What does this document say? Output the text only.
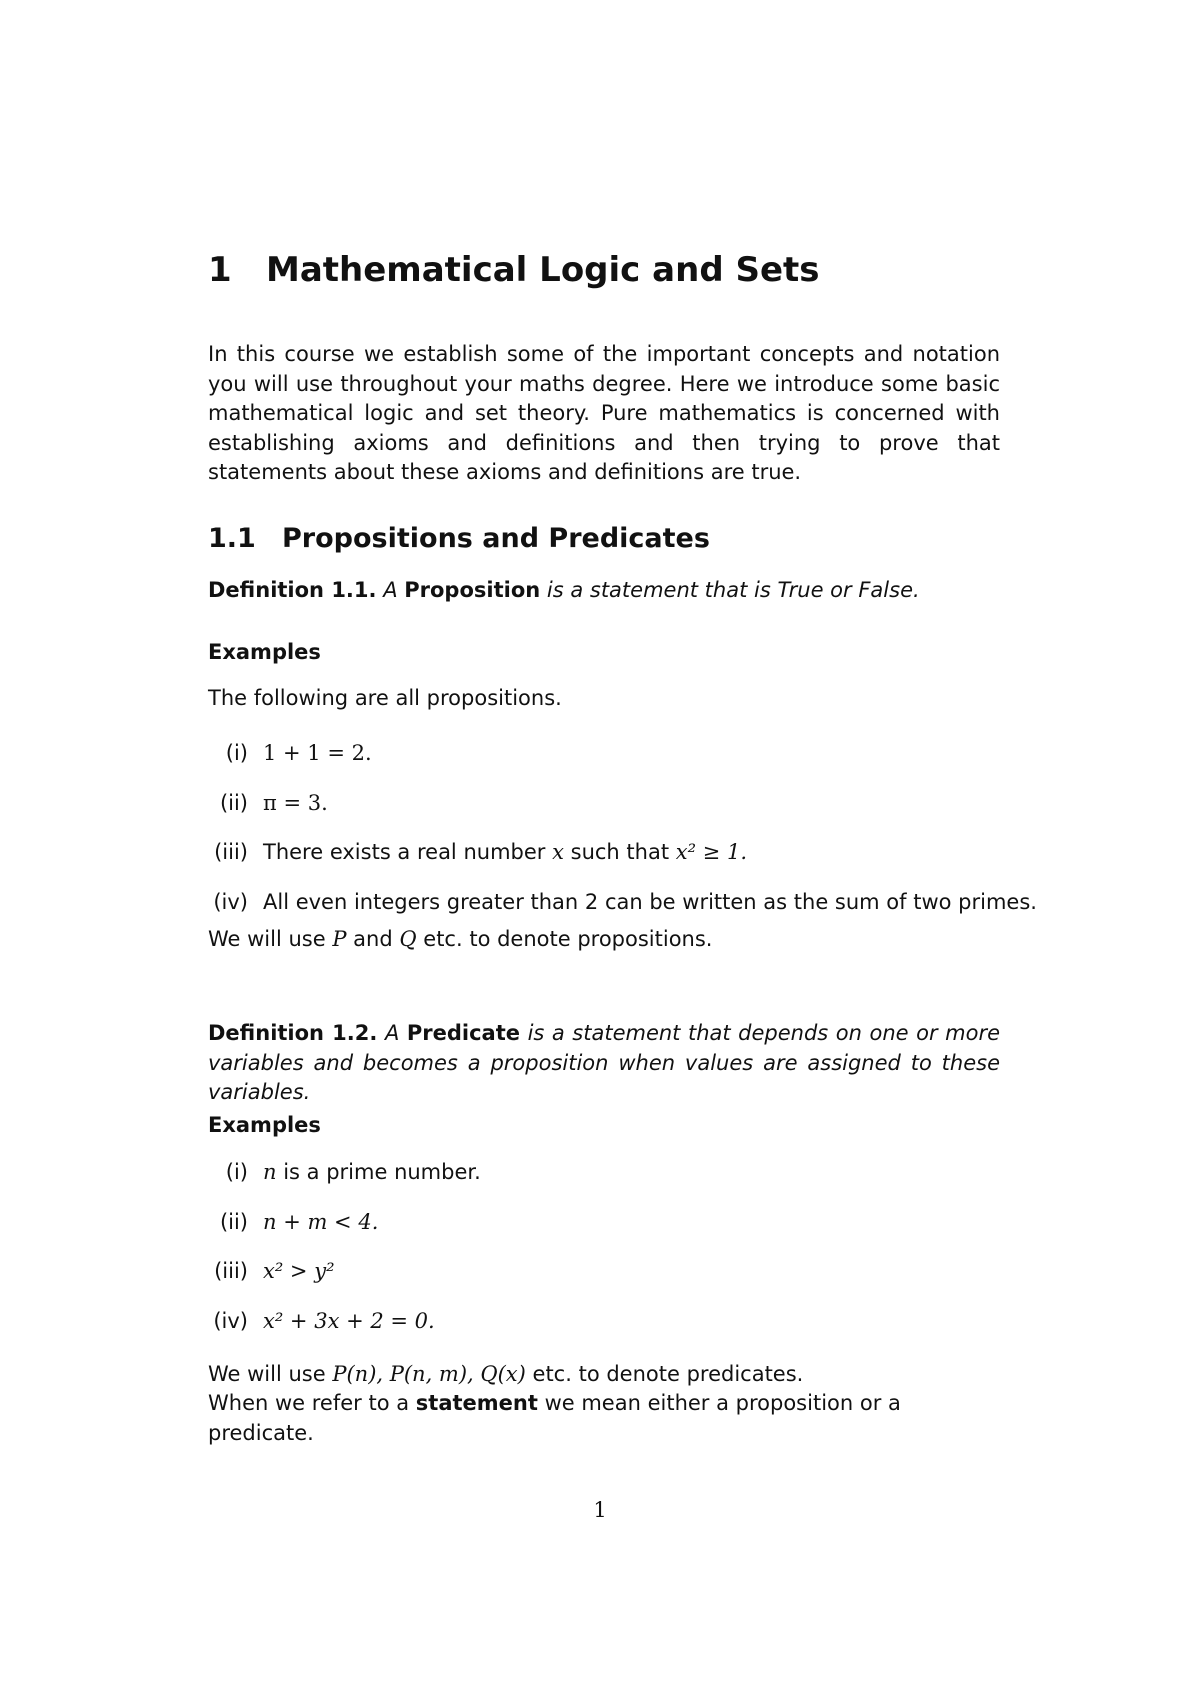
1 Mathematical Logic and Sets

In this course we establish some of the important concepts and notation you will use throughout your maths degree. Here we introduce some basic mathematical logic and set theory. Pure mathematics is concerned with establishing axioms and definitions and then trying to prove that statements about these axioms and definitions are true.

1.1 Propositions and Predicates

Definition 1.1. A Proposition is a statement that is True or False.

Examples

The following are all propositions.

(i) 1 + 1 = 2.
(ii) π = 3.
(iii) There exists a real number x such that x² ≥ 1.
(iv) All even integers greater than 2 can be written as the sum of two primes.

We will use P and Q etc. to denote propositions.

Definition 1.2. A Predicate is a statement that depends on one or more variables and becomes a proposition when values are assigned to these variables.

Examples

(i) n is a prime number.
(ii) n + m < 4.
(iii) x² > y²
(iv) x² + 3x + 2 = 0.

We will use P(n), P(n, m), Q(x) etc. to denote predicates.

When we refer to a statement we mean either a proposition or a predicate.

1
